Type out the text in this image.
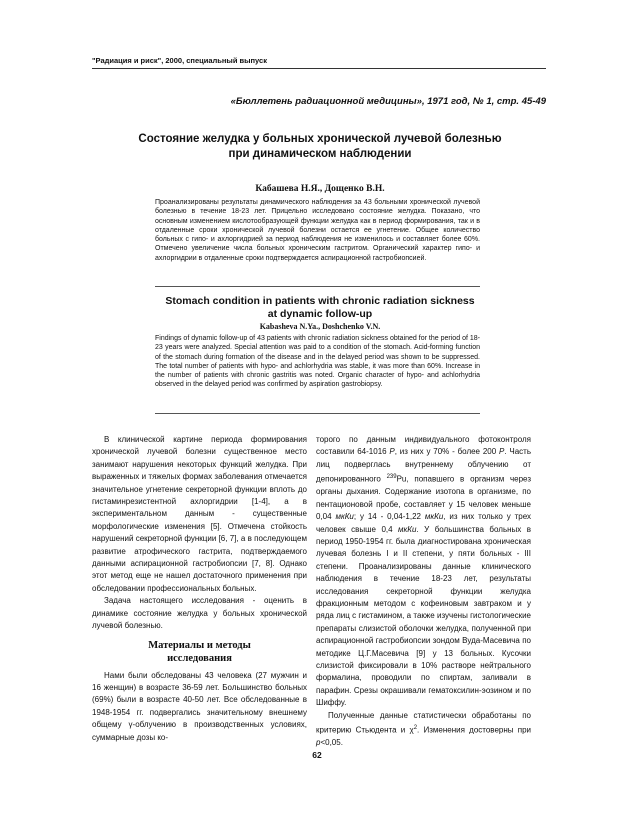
"Радиация и риск", 2000, специальный выпуск
«Бюллетень радиационной медицины», 1971 год, № 1, стр. 45-49
Состояние желудка у больных хронической лучевой болезнью
при динамическом наблюдении
Кабашева Н.Я., Дощенко В.Н.
Проанализированы результаты динамического наблюдения за 43 больными хронической лучевой болезнью в течение 18-23 лет. Прицельно исследовано состояние желудка. Показано, что основным изменением кислотообразующей функции желудка как в период формирования, так и в отдаленные сроки хронической лучевой болезни остается ее угнетение. Общее количество больных с гипо- и ахлоргидрией за период наблюдения не изменилось и составляет более 60%. Отмечено увеличение числа больных хроническим гастритом. Органический характер гипо- и ахлоргидрии в отдаленные сроки подтверждается аспирационной гастробиопсией.
Stomach condition in patients with chronic radiation sickness
at dynamic follow-up
Kabasheva N.Ya., Doshchenko V.N.
Findings of dynamic follow-up of 43 patients with chronic radiation sickness obtained for the period of 18-23 years were analyzed. Special attention was paid to a condition of the stomach. Acid-forming function of the stomach during formation of the disease and in the delayed period was shown to be suppressed. The total number of patients with hypo- and achlorhydria was stable, it was more than 60%. Increase in the number of patients with chronic gastritis was noted. Organic character of hypo- and achlorhydria observed in the delayed period was confirmed by aspiration gastrobiopsy.

В клинической картине периода формирования хронической лучевой болезни существенное место занимают нарушения некоторых функций желудка. При выраженных и тяжелых формах заболевания отмечается значительное угнетение секреторной функции вплоть до гистаминрезистентной ахлоргидрии [1-4], а в экспериментальном данным - существенные морфологические изменения [5]. Отмечена стойкость нарушений секреторной функции [6, 7], а в последующем развитие атрофического гастрита, подтверждаемого данными аспирационной гастробиопсии [7, 8]. Однако этот метод еще не нашел достаточного применения при обследовании профессиональных больных.

Задача настоящего исследования - оценить в динамике состояние желудка у больных хронической лучевой болезнью.

Материалы и методы
исследования

Нами были обследованы 43 человека (27 мужчин и 16 женщин) в возрасте 36-59 лет. Большинство больных (69%) были в возрасте 40-50 лет. Все обследованные в 1948-1954 гг. подвергались значительному внешнему общему γ-облучению в производственных условиях, суммарные дозы ко-

торого по данным индивидуального фотоконтроля составили 64-1016 Р, из них у 70% - более 200 Р. Часть лиц подверглась внутреннему облучению от депонированного $^{239}$Pu, попавшего в организм через органы дыхания. Содержание изотопа в организме, по пентационовой пробе, составляет у 15 человек меньше 0,04 мкКи; у 14 - 0,04-1,22 мкКи, из них только у трех человек свыше 0,4 мкКи. У большинства больных в период 1950-1954 гг. была диагностирована хроническая лучевая болезнь I и II степени, у пяти больных - III степени. Проанализированы данные клинического наблюдения в течение 18-23 лет, результаты исследования секреторной функции желудка фракционным методом с кофеиновым завтраком и у ряда лиц с гистамином, а также изучены гистологические препараты слизистой оболочки желудка, полученной при аспирационной гастробиопсии зондом Вуда-Масевича по методике Ц.Г.Масевича [9] у 13 больных. Кусочки слизистой фиксировали в 10% растворе нейтрального формалина, проводили по спиртам, заливали в парафин. Срезы окрашивали гематоксилин-эозином и по Шиффу.

Полученные данные статистически обработаны по критерию Стьюдента и $\chi^2$. Изменения достоверны при p<0,05.

62
